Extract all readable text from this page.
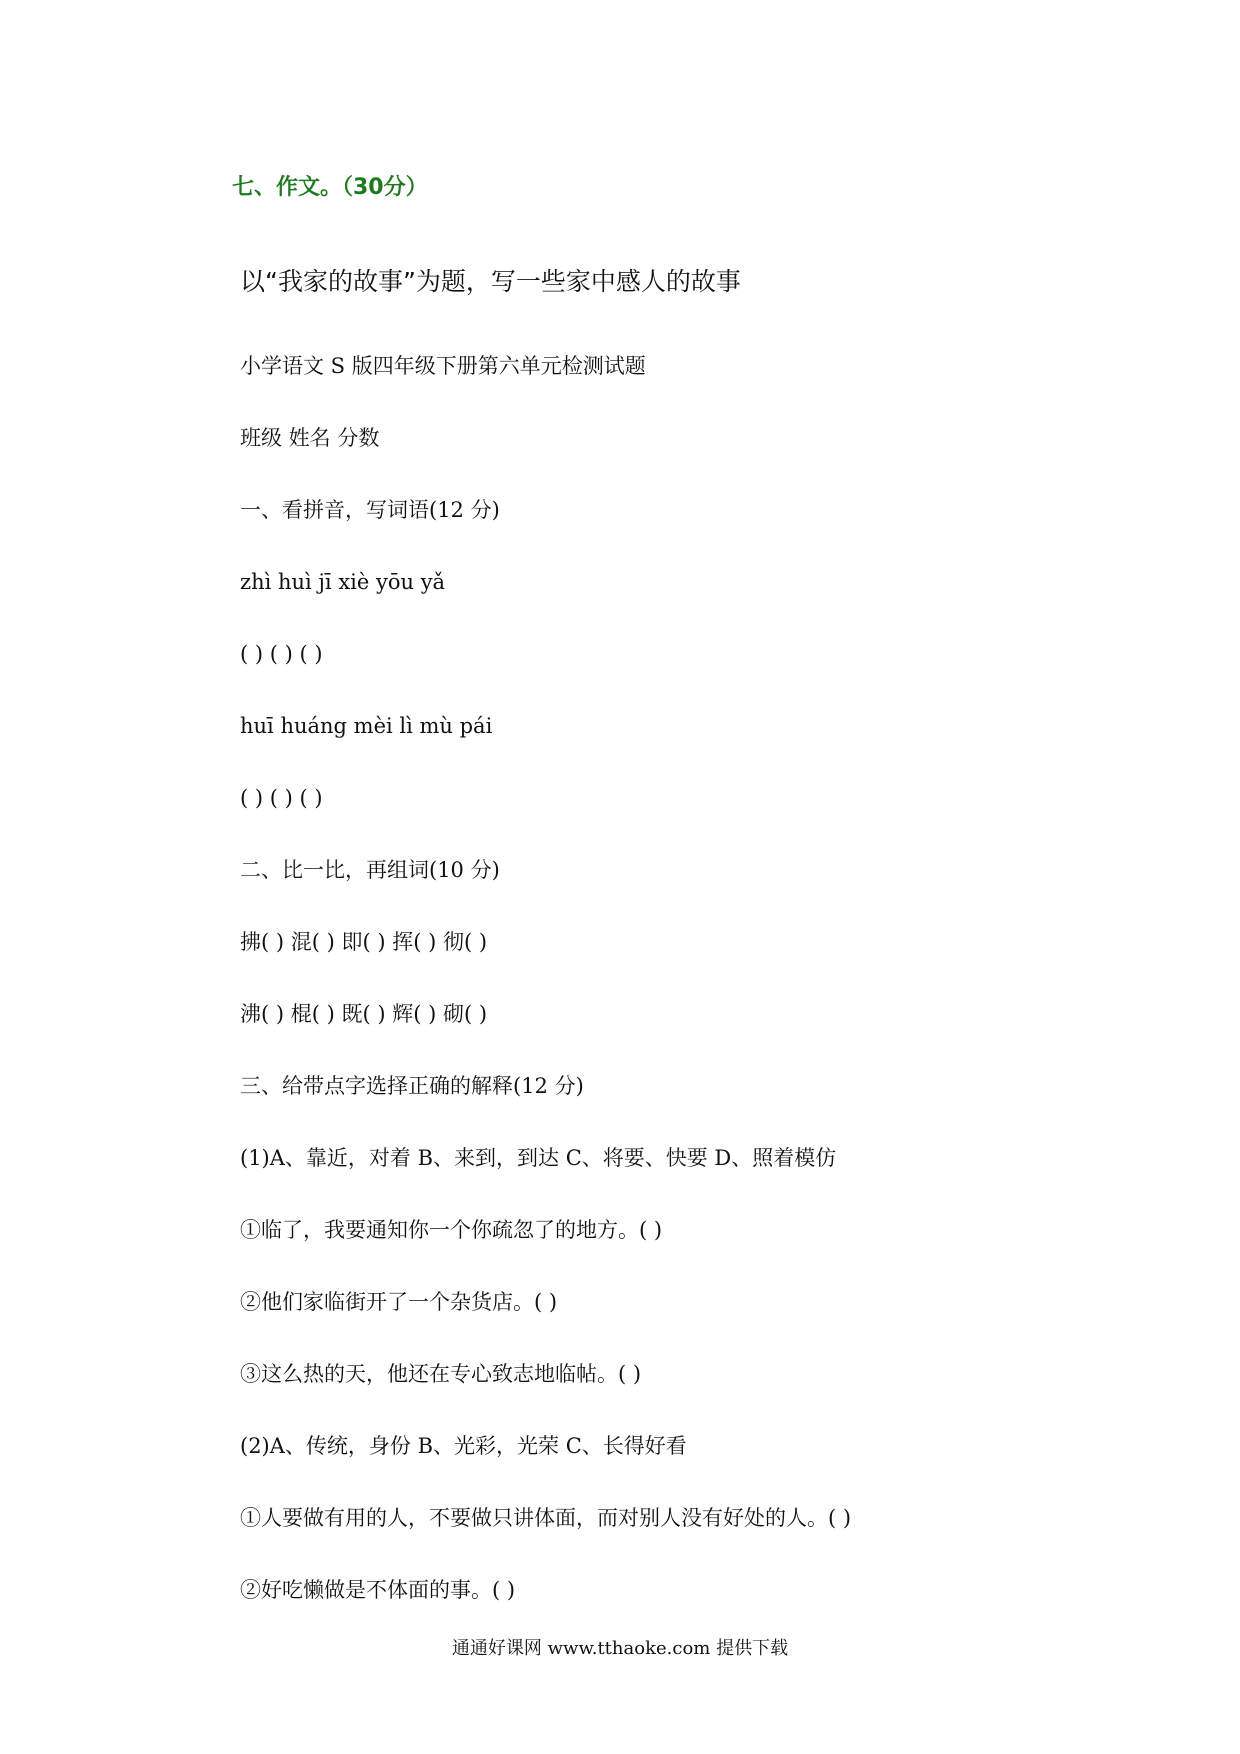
七、作文。（30分）
以“我家的故事”为题，写一些家中感人的故事
小学语文 S 版四年级下册第六单元检测试题
班级 姓名 分数
一、看拼音，写词语(12 分)
zhì huì jī xiè yōu yǎ
( ) ( ) ( )
huī huáng mèi lì mù pái
( ) ( ) ( )
二、比一比，再组词(10 分)
拂( ) 混( ) 即( ) 挥( ) 彻( )
沸( ) 棍( ) 既( ) 辉( ) 砌( )
三、给带点字选择正确的解释(12 分)
(1)A、靠近，对着 B、来到，到达 C、将要、快要 D、照着模仿
①临了，我要通知你一个你疏忽了的地方。( )
②他们家临街开了一个杂货店。( )
③这么热的天，他还在专心致志地临帖。( )
(2)A、传统，身份 B、光彩，光荣 C、长得好看
①人要做有用的人，不要做只讲体面，而对别人没有好处的人。( )
②好吃懒做是不体面的事。( )
通通好课网 www.tthaoke.com 提供下载
